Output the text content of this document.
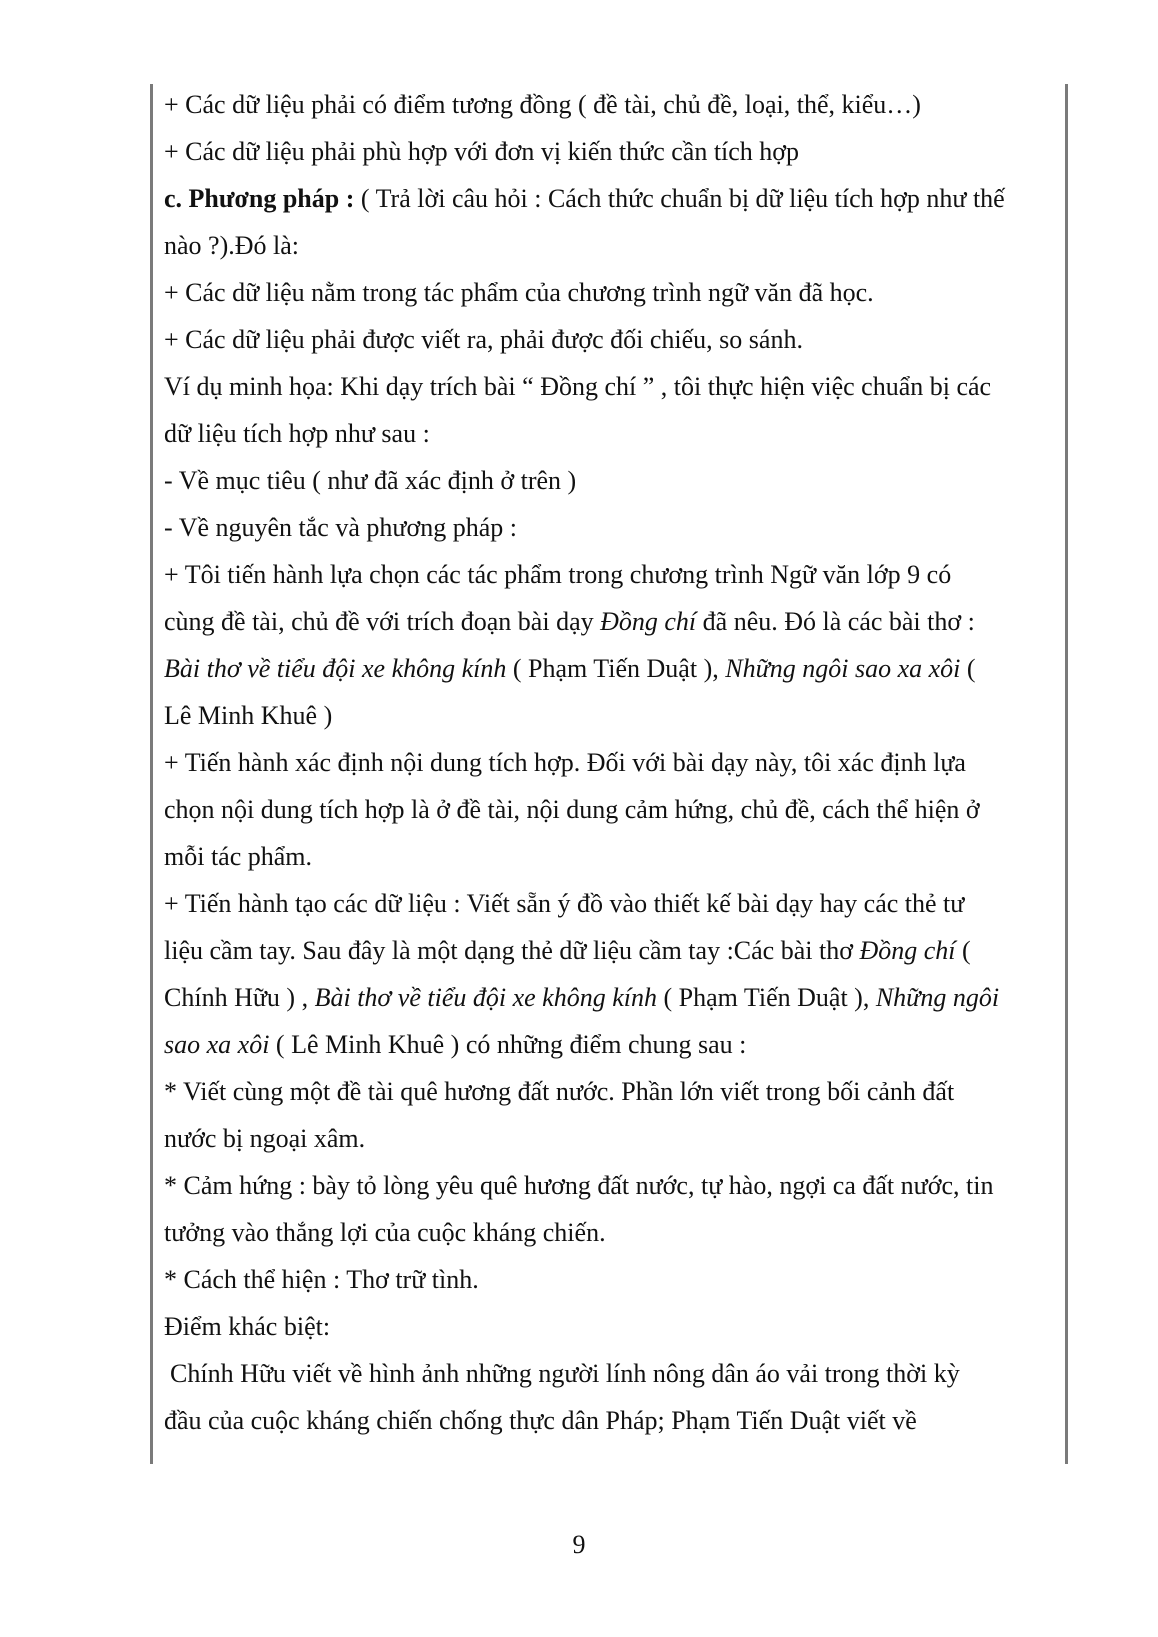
+ Các dữ liệu phải có điểm tương đồng ( đề tài, chủ đề, loại, thể, kiểu…)
+ Các dữ liệu phải phù hợp với đơn vị kiến thức cần tích hợp
c. Phương pháp : ( Trả lời câu hỏi : Cách thức chuẩn bị dữ liệu tích hợp như thế
nào ?).Đó là:
+ Các dữ liệu nằm trong tác phẩm của chương trình ngữ văn đã học.
+ Các dữ liệu phải được viết ra, phải được đối chiếu, so sánh.
Ví dụ minh họa: Khi dạy trích bài “ Đồng chí ” , tôi thực hiện việc chuẩn bị các
dữ liệu tích hợp như sau :
- Về mục tiêu ( như đã xác định ở trên )
- Về nguyên tắc và phương pháp :
+ Tôi tiến hành lựa chọn các tác phẩm trong chương trình Ngữ văn lớp 9 có
cùng đề tài, chủ đề với trích đoạn bài dạy Đồng chí đã nêu. Đó là các bài thơ :
Bài thơ về tiểu đội xe không kính ( Phạm Tiến Duật ), Những ngôi sao xa xôi (
Lê Minh Khuê )
+ Tiến hành xác định nội dung tích hợp. Đối với bài dạy này, tôi xác định lựa
chọn nội dung tích hợp là ở đề tài, nội dung cảm hứng, chủ đề, cách thể hiện ở
mỗi tác phẩm.
+ Tiến hành tạo các dữ liệu : Viết sẵn ý đồ vào thiết kế bài dạy hay các thẻ tư
liệu cầm tay. Sau đây là một dạng thẻ dữ liệu cầm tay :Các bài thơ Đồng chí (
Chính Hữu ) , Bài thơ về tiểu đội xe không kính ( Phạm Tiến Duật ), Những ngôi
sao xa xôi ( Lê Minh Khuê ) có những điểm chung sau :
* Viết cùng một đề tài quê hương đất nước. Phần lớn viết trong bối cảnh đất
nước bị ngoại xâm.
* Cảm hứng : bày tỏ lòng yêu quê hương đất nước, tự hào, ngợi ca đất nước, tin
tưởng vào thắng lợi của cuộc kháng chiến.
* Cách thể hiện : Thơ trữ tình.
Điểm khác biệt:
Chính Hữu viết về hình ảnh những người lính nông dân áo vải trong thời kỳ
đầu của cuộc kháng chiến chống thực dân Pháp; Phạm Tiến Duật viết về
9
